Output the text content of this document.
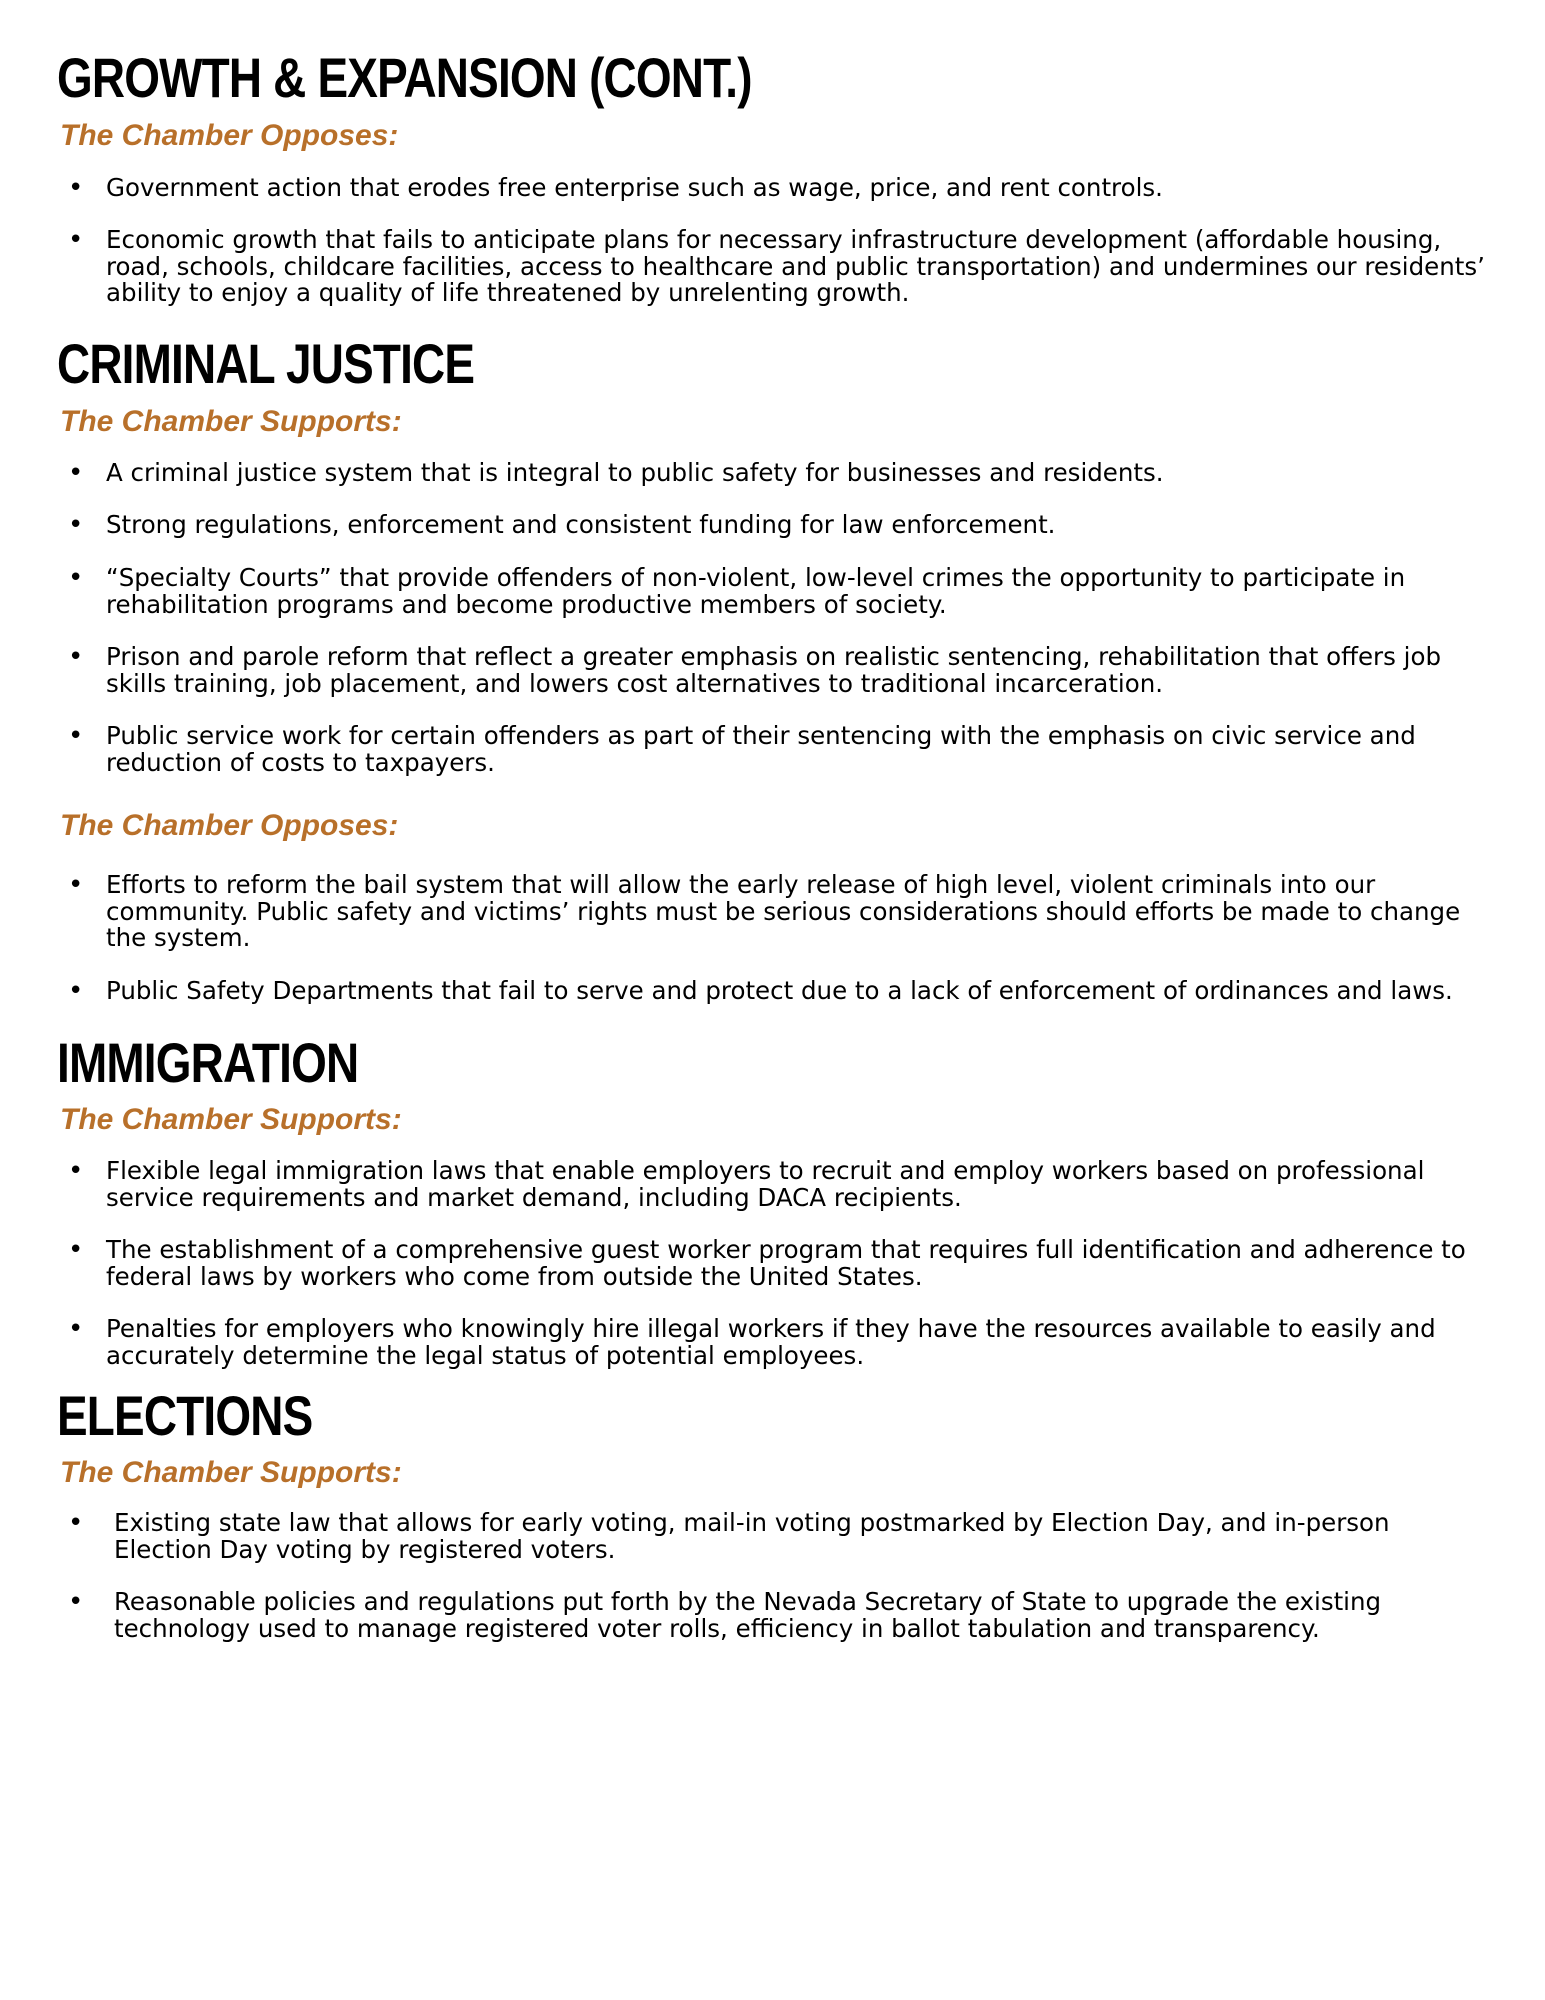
GROWTH & EXPANSION (CONT.)
The Chamber Opposes:
• Government action that erodes free enterprise such as wage, price, and rent controls.
• Economic growth that fails to anticipate plans for necessary infrastructure development (affordable housing, road, schools, childcare facilities, access to healthcare and public transportation) and undermines our residents’ ability to enjoy a quality of life threatened by unrelenting growth.
CRIMINAL JUSTICE
The Chamber Supports:
• A criminal justice system that is integral to public safety for businesses and residents.
• Strong regulations, enforcement and consistent funding for law enforcement.
• “Specialty Courts” that provide offenders of non-violent, low-level crimes the opportunity to participate in rehabilitation programs and become productive members of society.
• Prison and parole reform that reflect a greater emphasis on realistic sentencing, rehabilitation that offers job skills training, job placement, and lowers cost alternatives to traditional incarceration.
• Public service work for certain offenders as part of their sentencing with the emphasis on civic service and reduction of costs to taxpayers.
The Chamber Opposes:
• Efforts to reform the bail system that will allow the early release of high level, violent criminals into our community. Public safety and victims’ rights must be serious considerations should efforts be made to change the system.
• Public Safety Departments that fail to serve and protect due to a lack of enforcement of ordinances and laws.
IMMIGRATION
The Chamber Supports:
• Flexible legal immigration laws that enable employers to recruit and employ workers based on professional service requirements and market demand, including DACA recipients.
• The establishment of a comprehensive guest worker program that requires full identification and adherence to federal laws by workers who come from outside the United States.
• Penalties for employers who knowingly hire illegal workers if they have the resources available to easily and accurately determine the legal status of potential employees.
ELECTIONS
The Chamber Supports:
•	Existing state law that allows for early voting, mail-in voting postmarked by Election Day, and in-person Election Day voting by registered voters.
•	Reasonable policies and regulations put forth by the Nevada Secretary of State to upgrade the existing technology used to manage registered voter rolls, efficiency in ballot tabulation and transparency.
